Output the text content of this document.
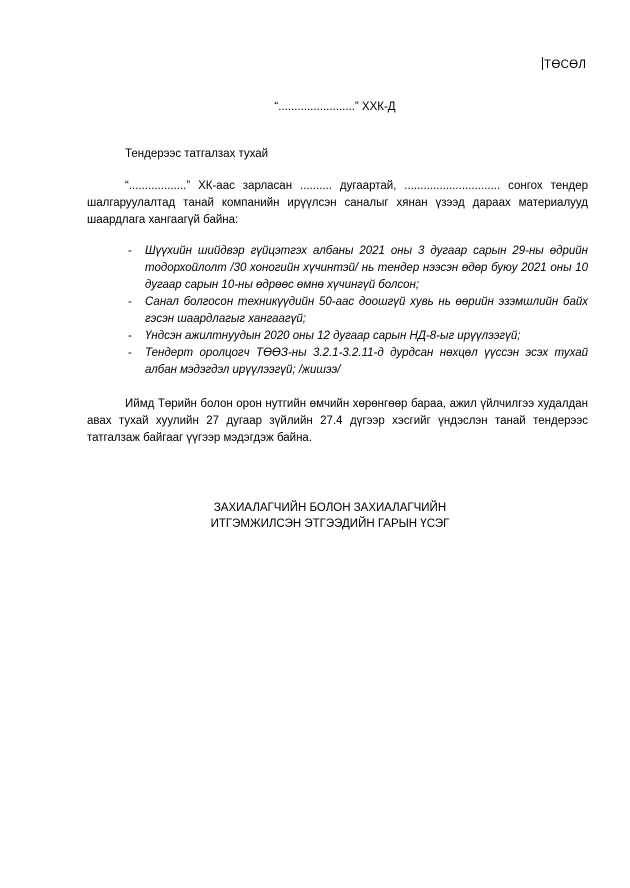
ТӨСӨЛ
“........................” ХХК-Д
Тендерээс татгалзах тухай
“..................” ХК-аас зарласан .......... дугаартай, .............................. сонгох тендер шалгаруулалтад танай компанийн ирүүлсэн саналыг хянан үзээд дараах материалууд шаардлага хангаагүй байна:
- Шүүхийн шийдвэр гүйцэтгэх албаны 2021 оны 3 дугаар сарын 29-ны өдрийн тодорхойлолт /30 хоногийн хүчинтэй/ нь тендер нээсэн өдөр буюу 2021 оны 10 дугаар сарын 10-ны өдрөөс өмнө хүчингүй болсон;
- Санал болгосон техникүүдийн 50-аас доошгүй хувь нь өөрийн эзэмшлийн байх гэсэн шаардлагыг хангаагүй;
- Үндсэн ажилтнуудын 2020 оны 12 дугаар сарын НД-8-ыг ирүүлээгүй;
- Тендерт оролцогч ТӨӨЗ-ны 3.2.1-3.2.11-д дурдсан нөхцөл үүссэн эсэх тухай албан мэдэгдэл ирүүлээгүй; /жишээ/
Иймд Төрийн болон орон нутгийн өмчийн хөрөнгөөр бараа, ажил үйлчилгээ худалдан авах тухай хуулийн 27 дугаар зүйлийн 27.4 дүгээр хэсгийг үндэслэн танай тендерээс татгалзаж байгааг үүгээр мэдэгдэж байна.
ЗАХИАЛАГЧИЙН БОЛОН ЗАХИАЛАГЧИЙН
ИТГЭМЖИЛСЭН ЭТГЭЭДИЙН ГАРЫН ҮСЭГ
